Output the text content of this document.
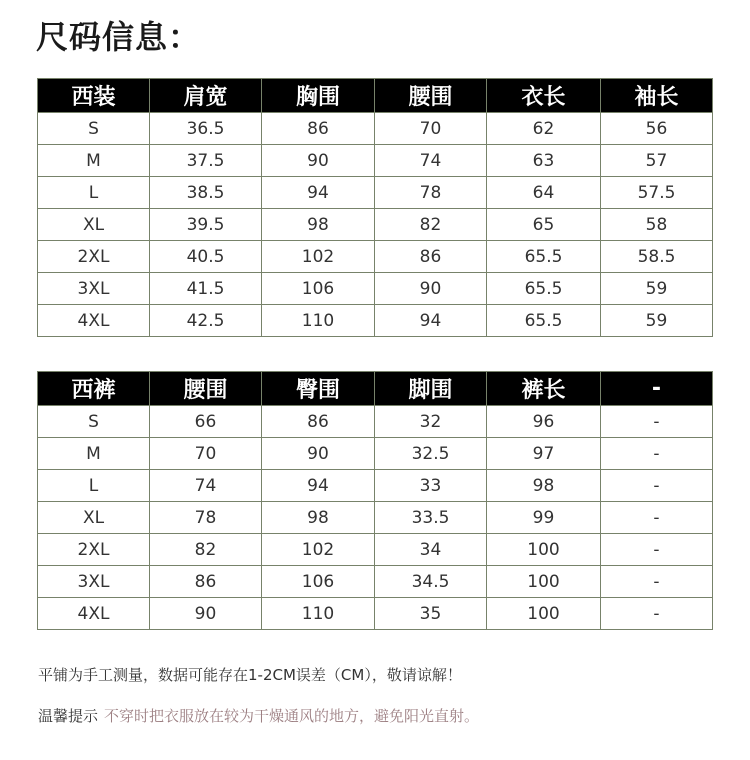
尺码信息：
西装	肩宽	胸围	腰围	衣长	袖长
S	36.5	86	70	62	56
M	37.5	90	74	63	57
L	38.5	94	78	64	57.5
XL	39.5	98	82	65	58
2XL	40.5	102	86	65.5	58.5
3XL	41.5	106	90	65.5	59
4XL	42.5	110	94	65.5	59
西裤	腰围	臀围	脚围	裤长	-
S	66	86	32	96	-
M	70	90	32.5	97	-
L	74	94	33	98	-
XL	78	98	33.5	99	-
2XL	82	102	34	100	-
3XL	86	106	34.5	100	-
4XL	90	110	35	100	-
平铺为手工测量，数据可能存在1-2CM误差（CM），敬请谅解！
温馨提示 不穿时把衣服放在较为干燥通风的地方，避免阳光直射。
